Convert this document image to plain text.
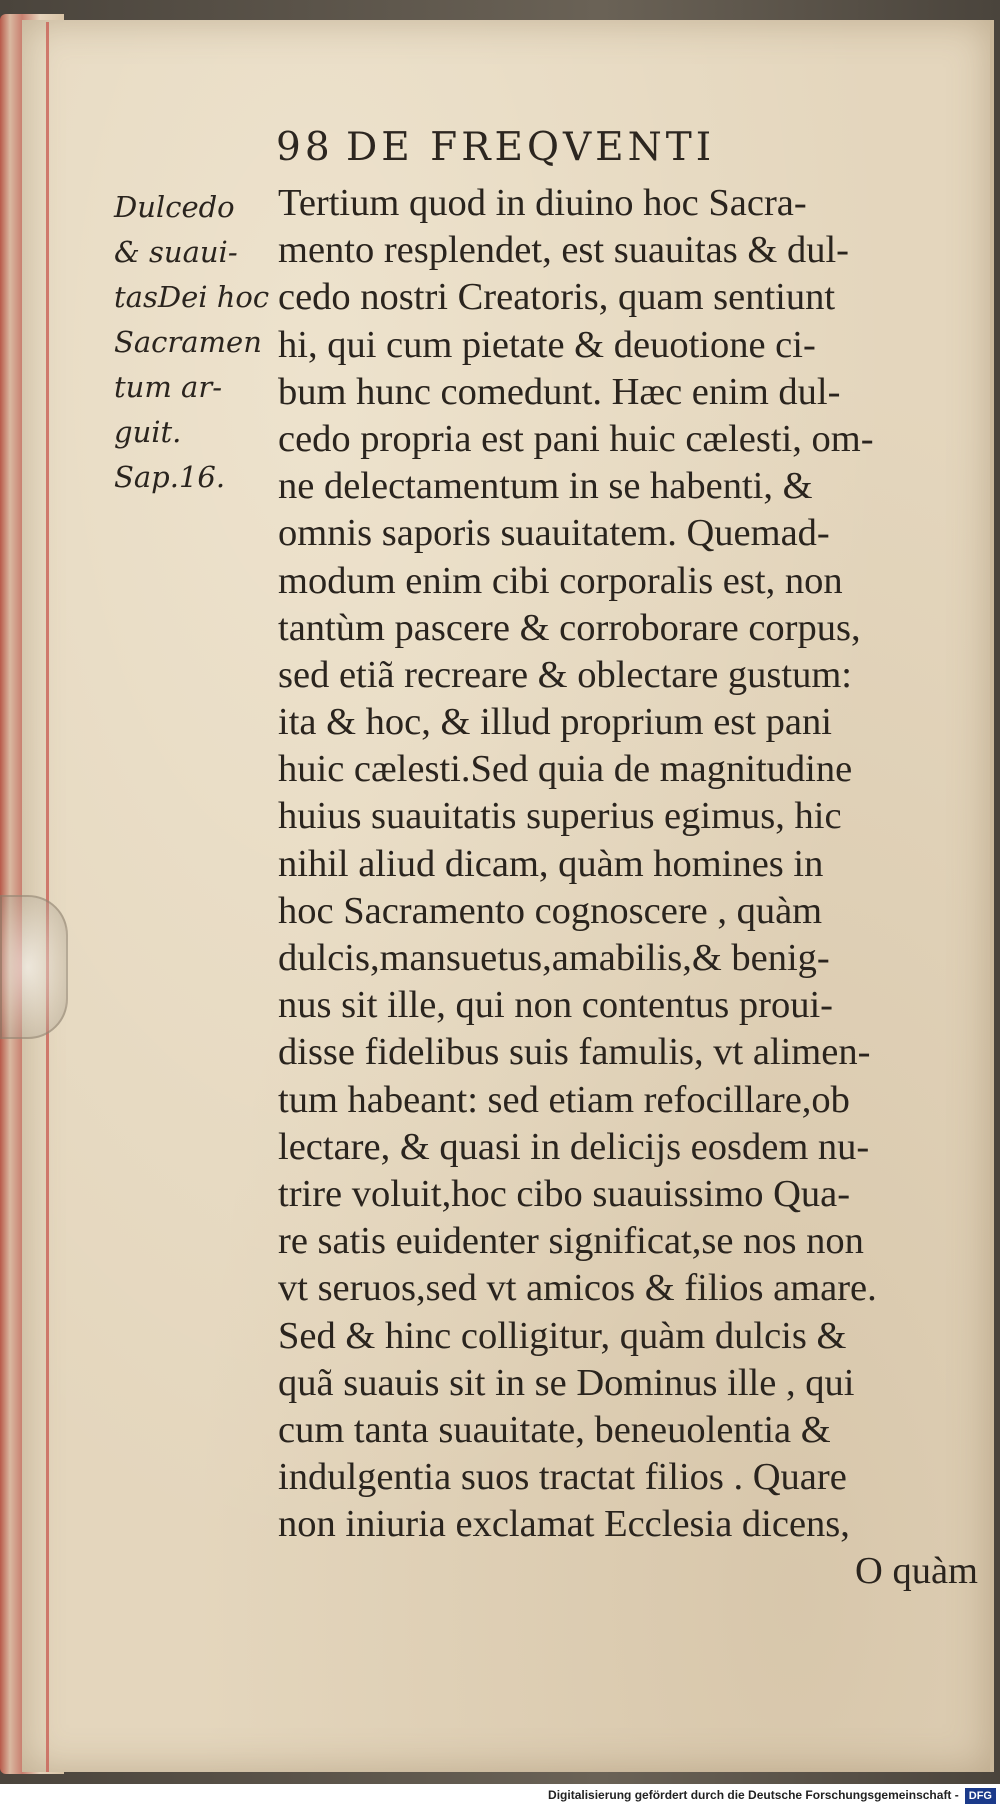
98 DE FREQVENTI
Dulcedo
& suaui-
tasDei hoc
Sacramen
tum ar-
guit.
Sap.16.
Tertium quod in diuino hoc Sacra-
mento resplendet, est suauitas & dul-
cedo nostri Creatoris, quam sentiunt
hi, qui cum pietate & deuotione ci-
bum hunc comedunt. Hæc enim dul-
cedo propria est pani huic cælesti, om-
ne delectamentum in se habenti, &
omnis saporis suauitatem. Quemad-
modum enim cibi corporalis est, non
tantùm pascere & corroborare corpus,
sed etiã recreare & oblectare gustum:
ita & hoc, & illud proprium est pani
huic cælesti.Sed quia de magnitudine
huius suauitatis superius egimus, hic
nihil aliud dicam, quàm homines in
hoc Sacramento cognoscere , quàm
dulcis,mansuetus,amabilis,& benig-
nus sit ille, qui non contentus proui-
disse fidelibus suis famulis, vt alimen-
tum habeant: sed etiam refocillare,ob
lectare, & quasi in delicijs eosdem nu-
trire voluit,hoc cibo suauissimo Qua-
re satis euidenter significat,se nos non
vt seruos,sed vt amicos & filios amare.
Sed & hinc colligitur, quàm dulcis &
quã suauis sit in se Dominus ille , qui
cum tanta suauitate, beneuolentia &
indulgentia suos tractat filios . Quare
non iniuria exclamat Ecclesia dicens,
O quàm
Digitalisierung gefördert durch die Deutsche Forschungsgemeinschaft - DFG
